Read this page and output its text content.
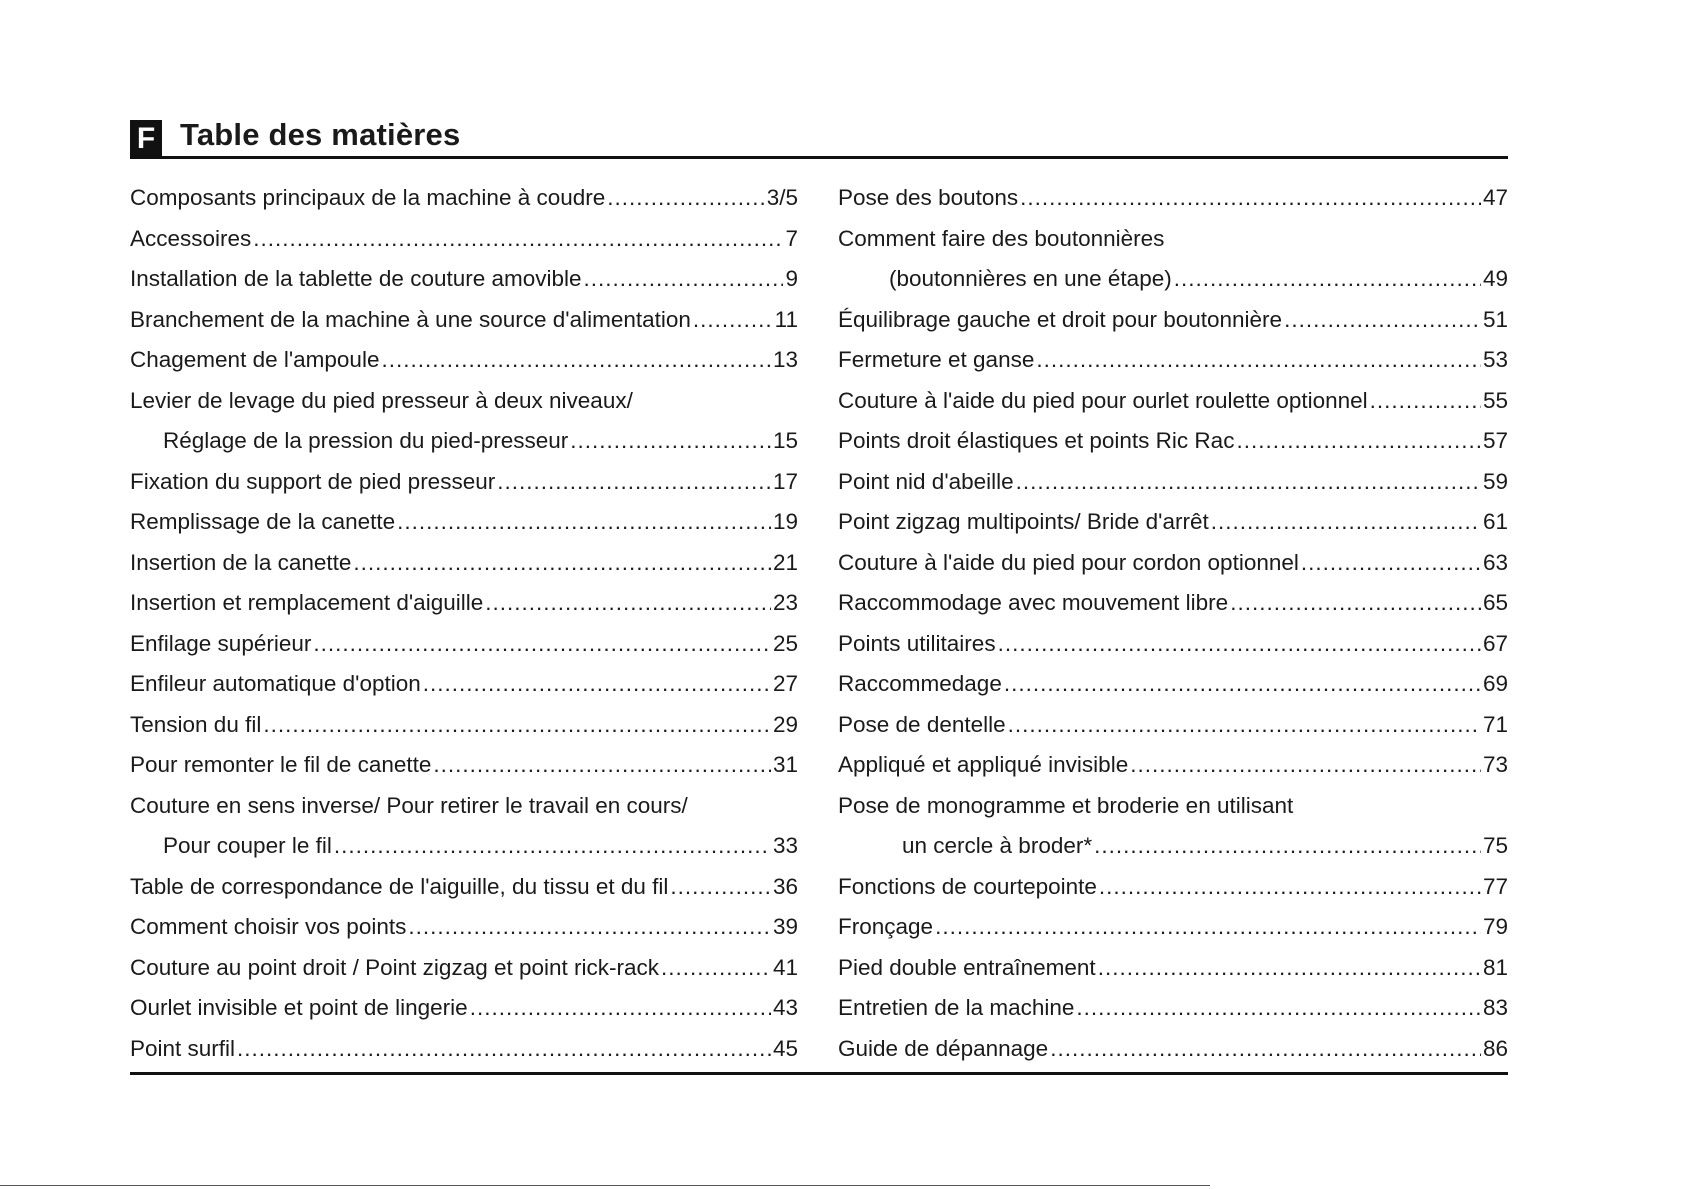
F Table des matières
Composants principaux de la machine à coudre .....	3/5
Accessoires .....	7
Installation de la tablette de couture amovible .....	9
Branchement de la machine à une source d'alimentation .....	11
Chagement de l'ampoule .....	13
Levier de levage du pied presseur à deux niveaux/
Réglage de la pression du pied-presseur .....	15
Fixation du support de pied presseur .....	17
Remplissage de la canette .....	19
Insertion de la canette .....	21
Insertion et remplacement d'aiguille .....	23
Enfilage supérieur .....	25
Enfileur automatique d'option .....	27
Tension du fil .....	29
Pour remonter le fil de canette .....	31
Couture en sens inverse/ Pour retirer le travail en cours/
Pour couper le fil .....	33
Table de correspondance de l'aiguille, du tissu et du fil .....	36
Comment choisir vos points .....	39
Couture au point droit / Point zigzag et point rick-rack .....	41
Ourlet invisible et point de lingerie .....	43
Point surfil .....	45
Pose des boutons .....	47
Comment faire des boutonnières
(boutonnières en une étape) .....	49
Équilibrage gauche et droit pour boutonnière .....	51
Fermeture et ganse .....	53
Couture à l'aide du pied pour ourlet roulette optionnel .....	55
Points droit élastiques et points Ric Rac .....	57
Point nid d'abeille .....	59
Point zigzag multipoints/ Bride d'arrêt .....	61
Couture à l'aide du pied pour cordon optionnel .....	63
Raccommodage avec mouvement libre .....	65
Points utilitaires .....	67
Raccommedage .....	69
Pose de dentelle .....	71
Appliqué et appliqué invisible .....	73
Pose de monogramme et broderie en utilisant
un cercle à broder* .....	75
Fonctions de courtepointe .....	77
Fronçage .....	79
Pied double entraînement .....	81
Entretien de la machine .....	83
Guide de dépannage .....	86
